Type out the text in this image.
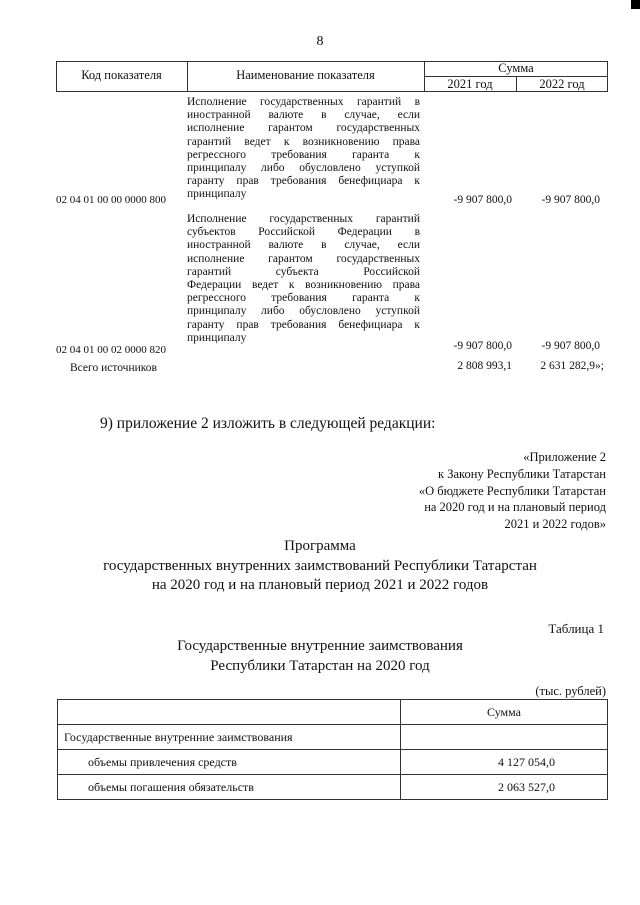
8
Код показателя	Наименование показателя	Сумма
2021 год	2022 год
02 04 01 00 00 0000 800
Исполнение государственных гарантий в
иностранной валюте в случае, если
исполнение гарантом государственных
гарантий ведет к возникновению права
регрессного требования гаранта к
принципалу либо обусловлено уступкой
гаранту прав требования бенефициара к
принципалу	-9 907 800,0	-9 907 800,0
02 04 01 00 02 0000 820
Исполнение государственных гарантий
субъектов Российской Федерации в
иностранной валюте в случае, если
исполнение гарантом государственных
гарантий субъекта Российской
Федерации ведет к возникновению права
регрессного требования гаранта к
принципалу либо обусловлено уступкой
гаранту прав требования бенефициара к
принципалу
-9 907 800,0	-9 907 800,0
Всего источников	2 808 993,1	2 631 282,9»;
9) приложение 2 изложить в следующей редакции:
«Приложение 2
к Закону Республики Татарстан
«О бюджете Республики Татарстан
на 2020 год и на плановый период
2021 и 2022 годов»
Программа
государственных внутренних заимствований Республики Татарстан
на 2020 год и на плановый период 2021 и 2022 годов
Таблица 1
Государственные внутренние заимствования
Республики Татарстан на 2020 год
(тыс. рублей)
	Сумма
Государственные внутренние заимствования	
объемы привлечения средств	4 127 054,0
объемы погашения обязательств	2 063 527,0
